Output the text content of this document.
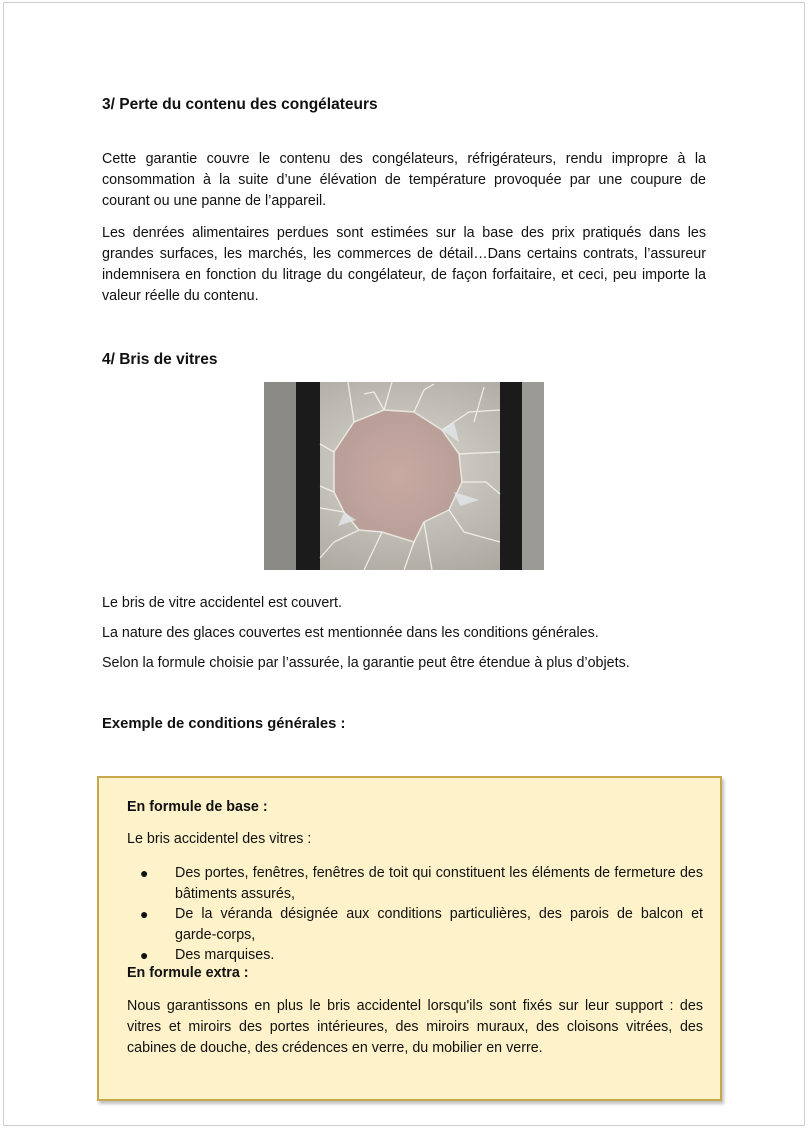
3/ Perte du contenu des congélateurs

Cette garantie couvre le contenu des congélateurs, réfrigérateurs, rendu impropre à la consommation à la suite d’une élévation de température provoquée par une coupure de courant ou une panne de l’appareil.

Les denrées alimentaires perdues sont estimées sur la base des prix pratiqués dans les grandes surfaces, les marchés, les commerces de détail…Dans certains contrats, l’assureur indemnisera en fonction du litrage du congélateur, de façon forfaitaire, et ceci, peu importe la valeur réelle du contenu.

4/ Bris de vitres

Le bris de vitre accidentel est couvert.

La nature des glaces couvertes est mentionnée dans les conditions générales.

Selon la formule choisie par l’assurée, la garantie peut être étendue à plus d’objets.

Exemple de conditions générales :
En formule de base :

Le bris accidentel des vitres :

● Des portes, fenêtres, fenêtres de toit qui constituent les éléments de fermeture des bâtiments assurés,
● De la véranda désignée aux conditions particulières, des parois de balcon et garde-corps,
● Des marquises.
En formule extra :

Nous garantissons en plus le bris accidentel lorsqu'ils sont fixés sur leur support : des vitres et miroirs des portes intérieures, des miroirs muraux, des cloisons vitrées, des cabines de douche, des crédences en verre, du mobilier en verre.
